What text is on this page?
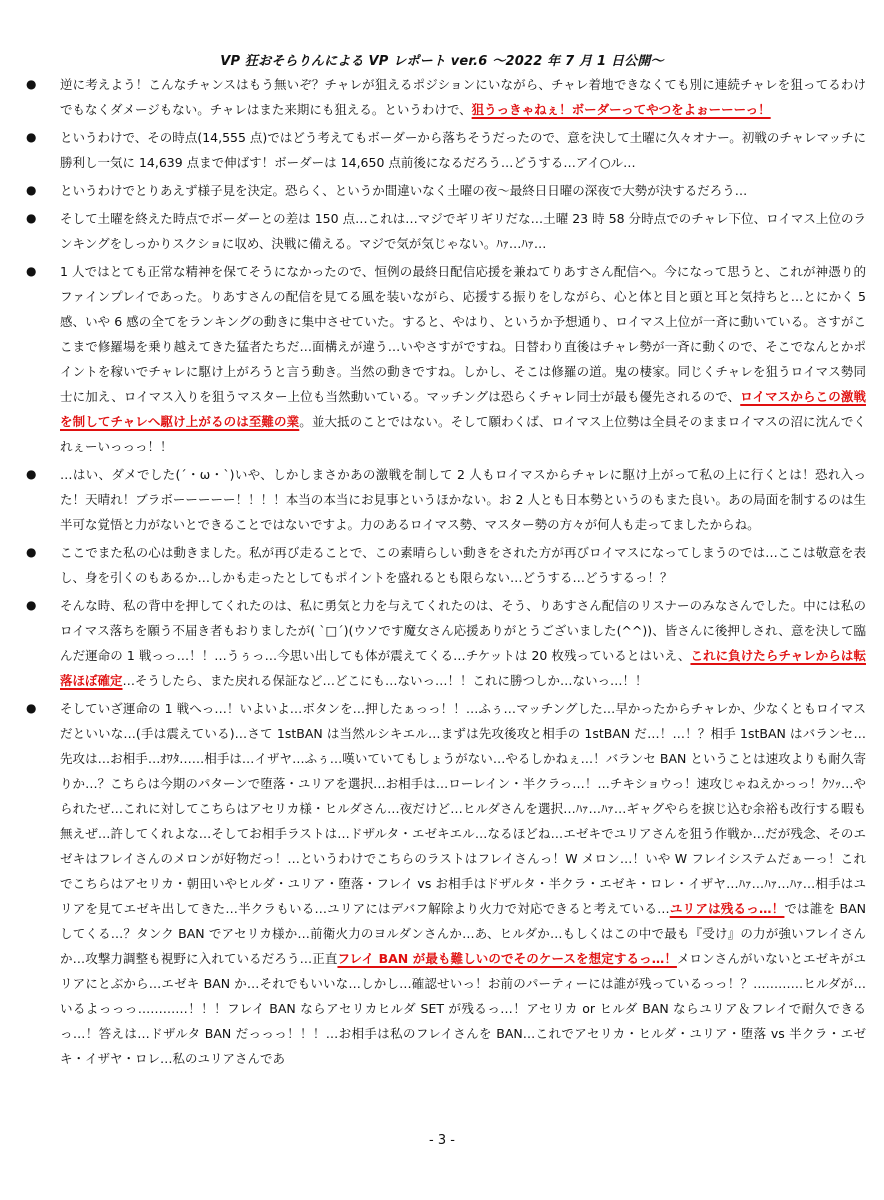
VP 狂おそらりんによる VP レポート ver.6 ～2022 年 7 月 1 日公開～
● 逆に考えよう！こんなチャンスはもう無いぞ？チャレが狙えるポジションにいながら、チャレ着地できなくても別に連続チャレを狙ってるわけでもなくダメージもない。チャレはまた来期にも狙える。というわけで、狙うっきゃねぇ！ボーダーってやつをよぉーーーっ！
● というわけで、その時点(14,555 点)ではどう考えてもボーダーから落ちそうだったので、意を決して土曜に久々オナー。初戦のチャレマッチに勝利し一気に 14,639 点まで伸ばす！ボーダーは 14,650 点前後になるだろう…どうする…アイ○ル…
● というわけでとりあえず様子見を決定。恐らく、というか間違いなく土曜の夜～最終日日曜の深夜で大勢が決するだろう…
● そして土曜を終えた時点でボーダーとの差は 150 点…これは…マジでギリギリだな…土曜 23 時 58 分時点でのチャレ下位、ロイマス上位のランキングをしっかりスクショに収め、決戦に備える。マジで気が気じゃない。ﾊｧ…ﾊｧ…
● 1 人ではとても正常な精神を保てそうになかったので、恒例の最終日配信応援を兼ねてりあすさん配信へ。今になって思うと、これが神憑り的ファインプレイであった。りあすさんの配信を見てる風を装いながら、応援する振りをしながら、心と体と目と頭と耳と気持ちと…とにかく 5 感、いや 6 感の全てをランキングの動きに集中させていた。すると、やはり、というか予想通り、ロイマス上位が一斉に動いている。さすがここまで修羅場を乗り越えてきた猛者たちだ…面構えが違う…いやさすがですね。日替わり直後はチャレ勢が一斉に動くので、そこでなんとかポイントを稼いでチャレに駆け上がろうと言う動き。当然の動きですね。しかし、そこは修羅の道。鬼の棲家。同じくチャレを狙うロイマス勢同士に加え、ロイマス入りを狙うマスター上位も当然動いている。マッチングは恐らくチャレ同士が最も優先されるので、ロイマスからこの激戦を制してチャレへ駆け上がるのは至難の業。並大抵のことではない。そして願わくば、ロイマス上位勢は全員そのままロイマスの沼に沈んでくれぇーいっっっ！！
● …はい、ダメでした(´・ω・`)いや、しかしまさかあの激戦を制して 2 人もロイマスからチャレに駆け上がって私の上に行くとは！恐れ入った！天晴れ！ブラボーーーーー！！！！本当の本当にお見事というほかない。お 2 人とも日本勢というのもまた良い。あの局面を制するのは生半可な覚悟と力がないとできることではないですよ。力のあるロイマス勢、マスター勢の方々が何人も走ってましたからね。
● ここでまた私の心は動きました。私が再び走ることで、この素晴らしい動きをされた方が再びロイマスになってしまうのでは…ここは敬意を表し、身を引くのもあるか…しかも走ったとしてもポイントを盛れるとも限らない…どうする…どうするっ！？
● そんな時、私の背中を押してくれたのは、私に勇気と力を与えてくれたのは、そう、りあすさん配信のリスナーのみなさんでした。中には私のロイマス落ちを願う不届き者もおりましたが( `□´)(ウソです魔女さん応援ありがとうございました(^^))、皆さんに後押しされ、意を決して臨んだ運命の 1 戦っっ…！！…うぅっ…今思い出しても体が震えてくる…チケットは 20 枚残っているとはいえ、これに負けたらチャレからは転落ほぼ確定…そうしたら、また戻れる保証など…どこにも…ないっ…！！これに勝つしか…ないっ…！！
● そしていざ運命の 1 戦へっ…！いよいよ…ボタンを…押したぁっっ！！…ふぅ…マッチングした…早かったからチャレか、少なくともロイマスだといいな…(手は震えている)…さて 1stBAN は当然ルシキエル…まずは先攻後攻と相手の 1stBAN だ…！…！？相手 1stBAN はバランセ…先攻は…お相手…ｵﾜﾀ……相手は…イザヤ…ふぅ…嘆いていてもしょうがない…やるしかねぇ…！バランセ BAN ということは速攻よりも耐久寄りか…？こちらは今期のパターンで堕落・ユリアを選択…お相手は…ローレイン・半クラっ…！…チキショウっ！速攻じゃねえかっっ！ｸｿｯ…やられたぜ…これに対してこちらはアセリカ様・ヒルダさん…夜だけど…ヒルダさんを選択…ﾊｧ…ﾊｧ…ギャグやらを捩じ込む余裕も改行する暇も無えぜ…許してくれよな…そしてお相手ラストは…ドザルタ・エゼキエル…なるほどね…エゼキでユリアさんを狙う作戦か…だが残念、そのエゼキはフレイさんのメロンが好物だっ！…というわけでこちらのラストはフレイさんっ！W メロン…！いや W フレイシステムだぁーっ！これでこちらはアセリカ・朝田いやヒルダ・ユリア・堕落・フレイ vs お相手はドザルタ・半クラ・エゼキ・ロレ・イザヤ…ﾊｧ…ﾊｧ…ﾊｧ…相手はユリアを見てエゼキ出してきた…半クラもいる…ユリアにはデバフ解除より火力で対応できると考えている…ユリアは残るっ…！では誰を BAN してくる…？タンク BAN でアセリカ様か…前衛火力のヨルダンさんか…あ、ヒルダか…もしくはこの中で最も『受け』の力が強いフレイさんか…攻撃力調整も視野に入れているだろう…正直フレイ BAN が最も難しいのでそのケースを想定するっ…！メロンさんがいないとエゼキがユリアにとぶから…エゼキ BAN か…それでもいいな…しかし…確認せいっ！お前のパーティーには誰が残っているっっ！？…………ヒルダが…いるよっっっ…………！！！フレイ BAN ならアセリカヒルダ SET が残るっ…！アセリカ or ヒルダ BAN ならユリア＆フレイで耐久できるっ…！答えは…ドザルタ BAN だっっっ！！！…お相手は私のフレイさんを BAN…これでアセリカ・ヒルダ・ユリア・堕落 vs 半クラ・エゼキ・イザヤ・ロレ…私のユリアさんであ
- 3 -
